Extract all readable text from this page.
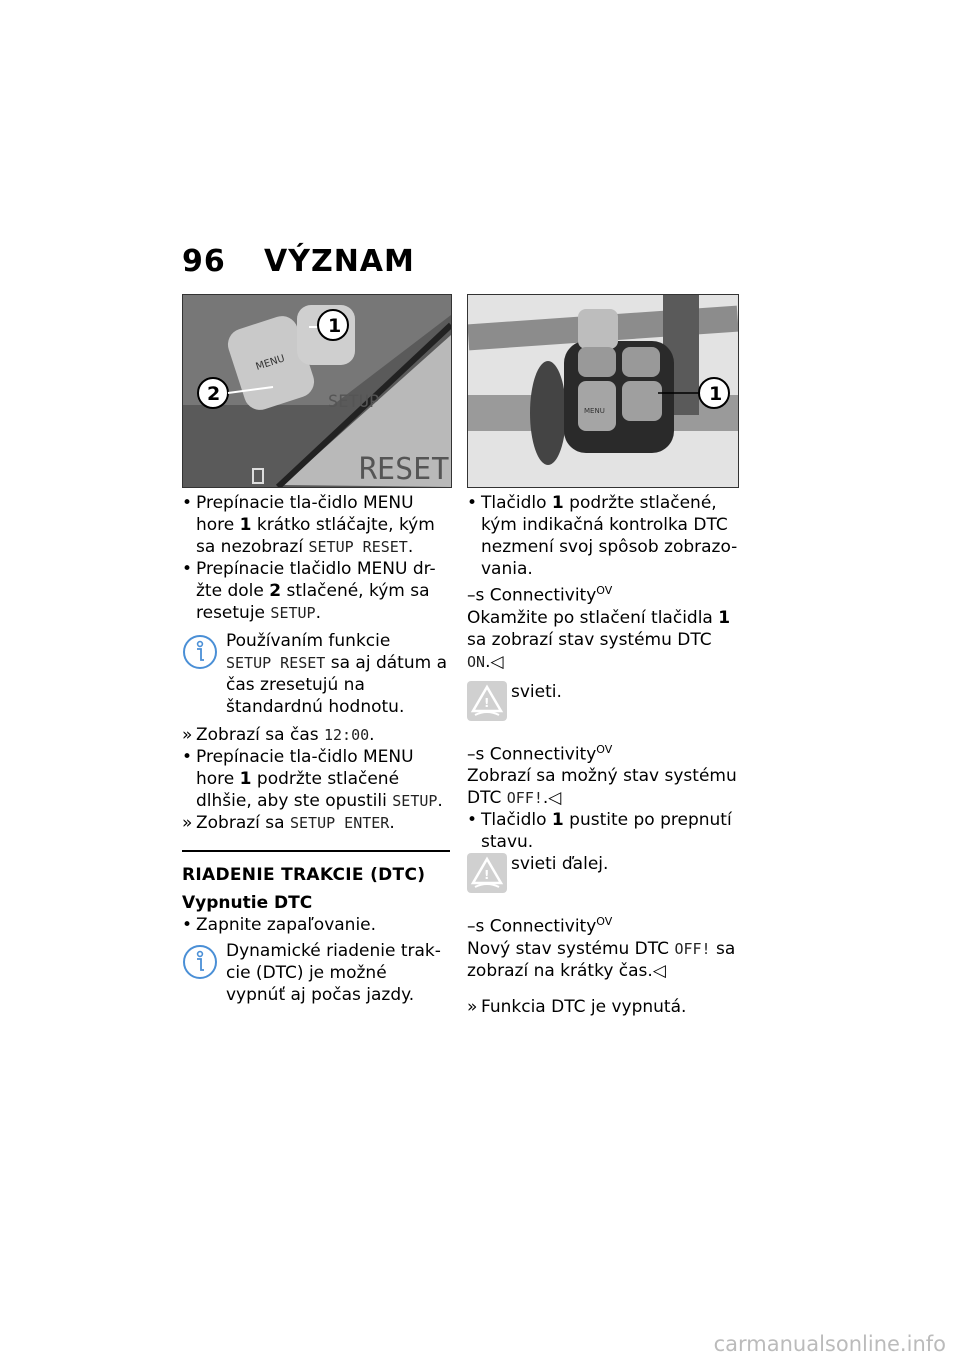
96 VÝZNAM
MENU
SETUP
RESET
1
2
MENU
1

• Prepínacie tla-čidlo MENU hore 1 krátko stláčajte, kým sa nezobrazí SETUP RESET.

• Prepínacie tlačidlo MENU dr-žte dole 2 stlačené, kým sa resetuje SETUP.

Používaním funkcie
SETUP RESET sa aj dátum a čas zresetujú na štandardnú hodnotu.

» Zobrazí sa čas 12:00.

• Prepínacie tla-čidlo MENU hore 1 podržte stlačené dlhšie, aby ste opustili SETUP.

» Zobrazí sa SETUP ENTER.

RIADENIE TRAKCIE (DTC)
Vypnutie DTC

• Zapnite zapaľovanie.

Dynamické riadenie trak-cie (DTC) je možné vypnúť aj počas jazdy.

• Tlačidlo 1 podržte stlačené, kým indikačná kontrolka DTC nezmení svoj spôsob zobrazo-vania.

–s Connectivity$^{OV}$

Okamžite po stlačení tlačidla 1 sa zobrazí stav systému DTC ON.◁

!

svieti.

–s Connectivity$^{OV}$

Zobrazí sa možný stav systému DTC OFF!.◁

• Tlačidlo 1 pustite po prepnutí stavu.

!

svieti ďalej.

–s Connectivity$^{OV}$

Nový stav systému DTC OFF! sa zobrazí na krátky čas.◁

» Funkcia DTC je vypnutá.

carmanualsonline.info
